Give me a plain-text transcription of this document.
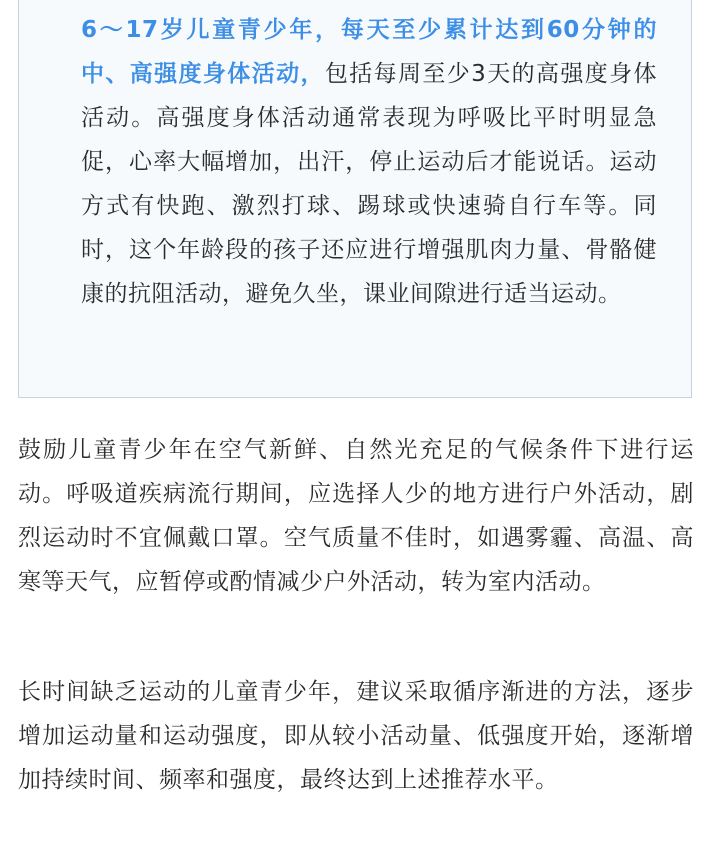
6～17岁儿童青少年，每天至少累计达到60分钟的中、高强度身体活动，包括每周至少3天的高强度身体活动。高强度身体活动通常表现为呼吸比平时明显急促，心率大幅增加，出汗，停止运动后才能说话。运动方式有快跑、激烈打球、踢球或快速骑自行车等。同时，这个年龄段的孩子还应进行增强肌肉力量、骨骼健康的抗阻活动，避免久坐，课业间隙进行适当运动。

鼓励儿童青少年在空气新鲜、自然光充足的气候条件下进行运动。呼吸道疾病流行期间，应选择人少的地方进行户外活动，剧烈运动时不宜佩戴口罩。空气质量不佳时，如遇雾霾、高温、高寒等天气，应暂停或酌情减少户外活动，转为室内活动。

长时间缺乏运动的儿童青少年，建议采取循序渐进的方法，逐步增加运动量和运动强度，即从较小活动量、低强度开始，逐渐增加持续时间、频率和强度，最终达到上述推荐水平。
